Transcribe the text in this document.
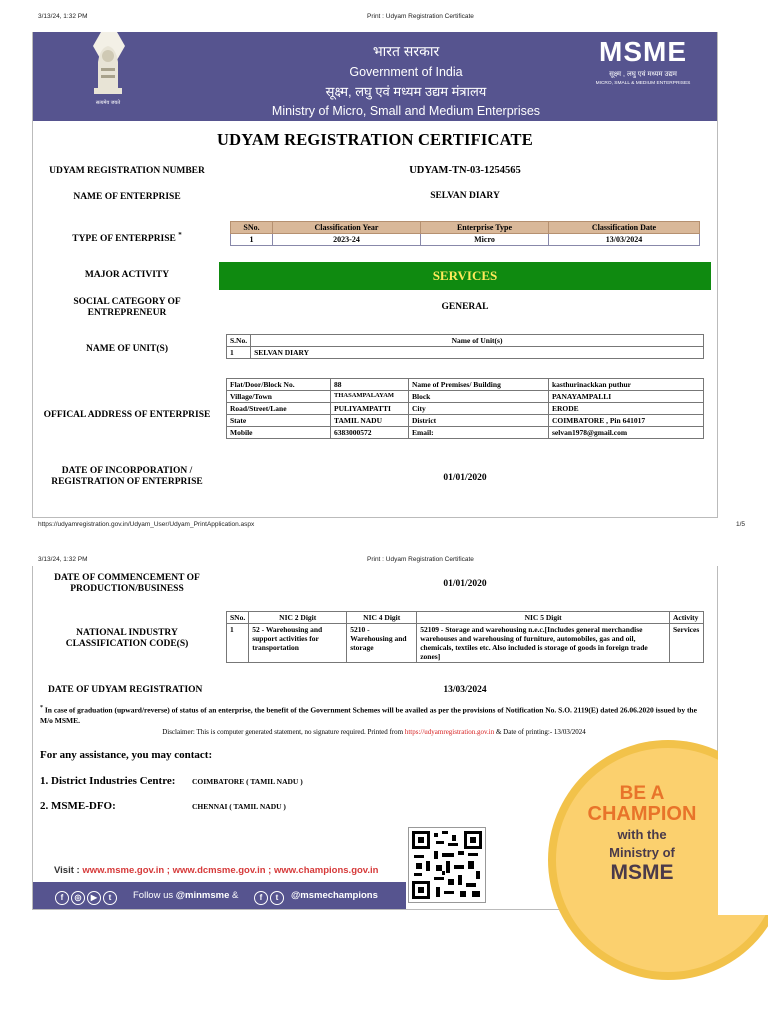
3/13/24, 1:32 PM	Print : Udyam Registration Certificate
सत्यमेव जयते
भारत सरकार
Government of India
सूक्ष्म, लघु एवं मध्यम उद्यम मंत्रालय
Ministry of Micro, Small and Medium Enterprises
MSME
सूक्ष्म , लघु एवं मध्यम उद्यम
MICRO, SMALL & MEDIUM ENTERPRISES
UDYAM REGISTRATION CERTIFICATE
UDYAM REGISTRATION NUMBER	UDYAM-TN-03-1254565
NAME OF ENTERPRISE	SELVAN DIARY
TYPE OF ENTERPRISE *
SNo.	Classification Year	Enterprise Type	Classification Date
1	2023-24	Micro	13/03/2024
MAJOR ACTIVITY	SERVICES
SOCIAL CATEGORY OF ENTREPRENEUR
GENERAL
NAME OF UNIT(S)
S.No.	Name of Unit(s)
1	SELVAN DIARY
OFFICAL ADDRESS OF ENTERPRISE
Flat/Door/Block No.	88	Name of Premises/ Building	kasthurinackkan puthur
Village/Town	THASAMPALAYAM	Block	PANAYAMPALLI
Road/Street/Lane	PULIYAMPATTI	City	ERODE
State	TAMIL NADU	District	COIMBATORE , Pin 641017
Mobile	6383000572	Email:	selvan1978@gmail.com
DATE OF INCORPORATION / REGISTRATION OF ENTERPRISE	01/01/2020
https://udyamregistration.gov.in/Udyam_User/Udyam_PrintApplication.aspx	1/5
3/13/24, 1:32 PM	Print : Udyam Registration Certificate
DATE OF COMMENCEMENT OF PRODUCTION/BUSINESS	01/01/2020
NATIONAL INDUSTRY CLASSIFICATION CODE(S)
SNo.	NIC 2 Digit	NIC 4 Digit	NIC 5 Digit	Activity
1	52 - Warehousing and support activities for transportation	5210 - Warehousing and storage	52109 - Storage and warehousing n.e.c.[Includes general merchandise warehouses and warehousing of furniture, automobiles, gas and oil, chemicals, textiles etc. Also included is storage of goods in foreign trade zones]	Services
DATE OF UDYAM REGISTRATION	13/03/2024
* In case of graduation (upward/reverse) of status of an enterprise, the benefit of the Government Schemes will be availed as per the provisions of Notification No. S.O. 2119(E) dated 26.06.2020 issued by the M/o MSME.
Disclaimer: This is computer generated statement, no signature required. Printed from https://udyamregistration.gov.in & Date of printing:- 13/03/2024
For any assistance, you may contact:
1. District Industries Centre: COIMBATORE ( TAMIL NADU )
2. MSME-DFO:	CHENNAI ( TAMIL NADU )
BE A
CHAMPION
with the
Ministry of
MSME
Visit : www.msme.gov.in ; www.dcmsme.gov.in ; www.champions.gov.in
f ◎ ▶ t	Follow us @minmsme &	f t	@msmechampions
